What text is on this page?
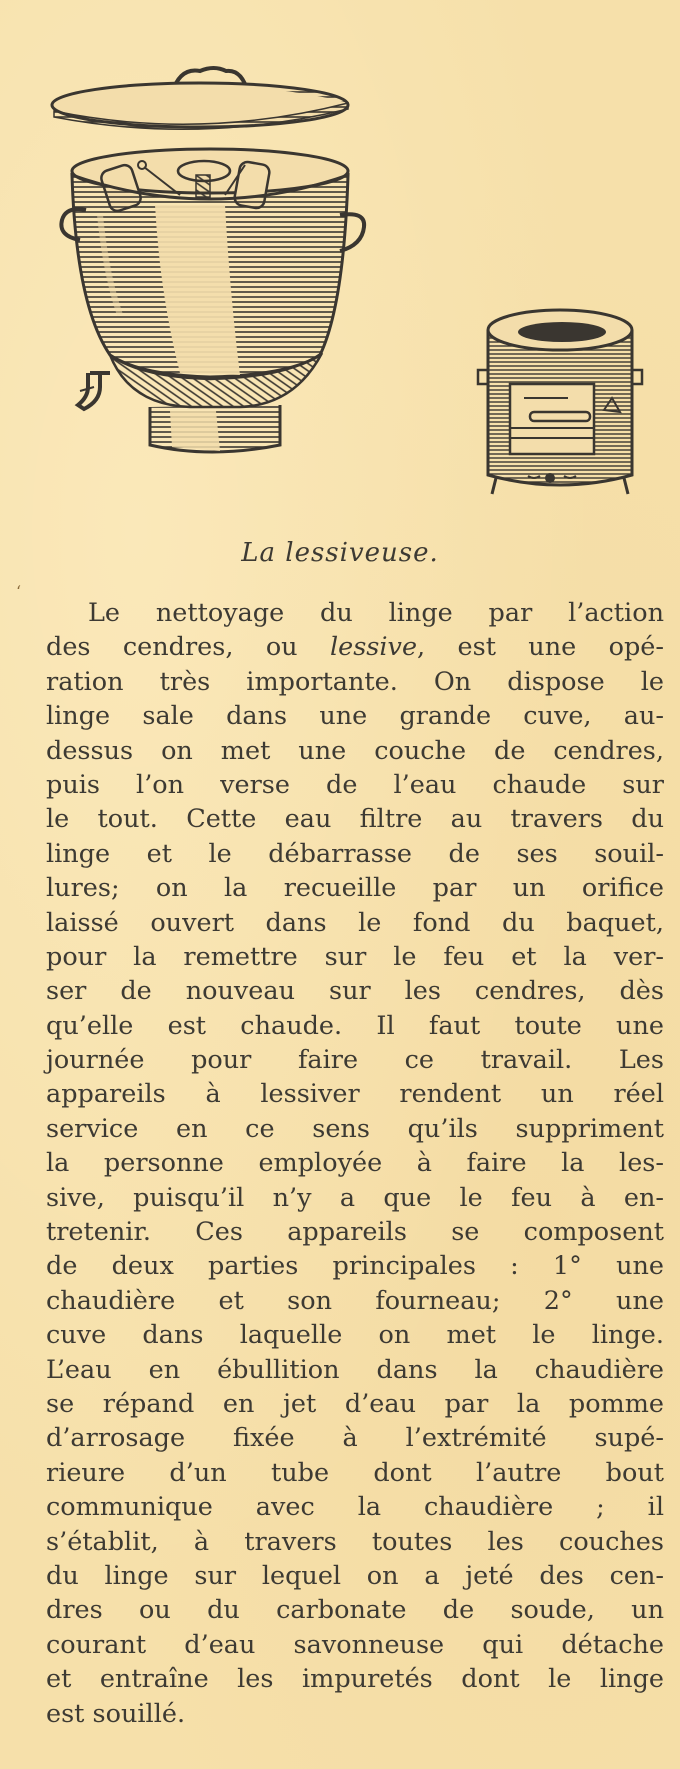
La lessiveuse.
‘
Le nettoyage du linge par l’action
des cendres, ou lessive, est une opé-
ration très importante. On dispose le
linge sale dans une grande cuve, au-
dessus on met une couche de cendres,
puis l’on verse de l’eau chaude sur
le tout. Cette eau filtre au travers du
linge et le débarrasse de ses souil-
lures; on la recueille par un orifice
laissé ouvert dans le fond du baquet,
pour la remettre sur le feu et la ver-
ser de nouveau sur les cendres, dès
qu’elle est chaude. Il faut toute une
journée pour faire ce travail. Les
appareils à lessiver rendent un réel
service en ce sens qu’ils suppriment
la personne employée à faire la les-
sive, puisqu’il n’y a que le feu à en-
tretenir. Ces appareils se composent
de deux parties principales : 1° une
chaudière et son fourneau; 2° une
cuve dans laquelle on met le linge.
L’eau en ébullition dans la chaudière
se répand en jet d’eau par la pomme
d’arrosage fixée à l’extrémité supé-
rieure d’un tube dont l’autre bout
communique avec la chaudière ; il
s’établit, à travers toutes les couches
du linge sur lequel on a jeté des cen-
dres ou du carbonate de soude, un
courant d’eau savonneuse qui détache
et entraîne les impuretés dont le linge
est souillé.
